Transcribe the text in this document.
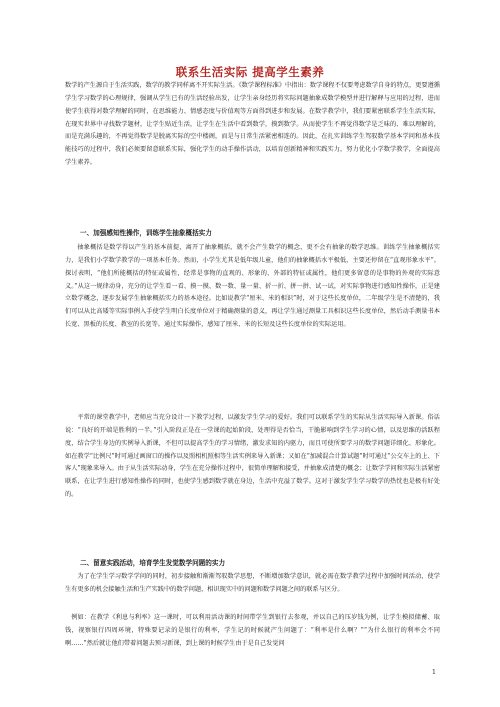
联系生活实际 提高学生素养

数学的产生源自于生活实践，数学的教学同样离不开实际生活。《数学课程标准》中指出：数学课程不仅要考虑数学自身的特点，更要遵循学生学习数学的心理规律，强调从学生已有的生活经验出发，让学生亲身经历将实际问题抽象成数学模型并进行解释与应用的过程，进而使学生获得对数学理解的同时，在思维能力、情感态度与价值观等方面得到进步和发展。在数学教学中，我们要紧密联系学生生活实际，在现实世界中寻找数学题材，让学生贴近生活，让学生在生活中看到数学，摸到数学。从而使学生不再觉得数学是乏味的、难以理解的，而是充满乐趣的，不再觉得数学是脱离实际的空中楼阁，而是与日常生活紧密相连的。因此，在扎实训练学生驾驭数学基本学问和基本技能技巧的过程中，我们必须要留意联系实际，强化学生的动手操作活动，以培育创新精神和实践实力，努力优化小学数学教学，全面提高学生素养。

一、加强感知性操作，训练学生抽象概括实力

抽象概括是数学得以产生的基本前提，离开了抽象概括，就不会产生数学的概念，更不会有抽象的数学思维。训练学生抽象概括实力，是我们小学数学教学的一项基本任务。然而，小学生尤其是低年级儿童，他们的抽象概括水平极低，主要还停留在“直观形象水平”。探讨表明，“他们所能概括的特征或属性，经常是事物的直观的、形象的、外部的特征或属性，他们更多留意的是事物的外观的实际意义。”从这一规律动身，充分的让学生看一看、摸一摸、数一数、量一量、折一折、拼一拼、试一试，对实际事物进行感知性操作，正是建立数学概念，逐步发展学生抽象概括实力的基本途径。比如说教学“厘米、米的相识”时，对于这些长度单位，二年级学生是不清楚的，我们可以从比高矮等实际事例入手使学生明白长度单位对于精确测量的意义，再让学生通过测量工具相识这些长度单位，然后动手测量书本长宽、黑板的长度、教室的长宽等。通过实际操作，感知了厘米、米的长短及这些长度单位的实际运用。

平常的课堂教学中，老师应当充分设计一下教学过程，以激发学生学习的爱好。我们可以联系学生的实际从生活实际导入新课。俗话说：“良好的开端是胜利的一半。”引入阶段正是在一堂课的起始阶段，处理得是否恰当，干脆影响到学生学习的心情，以及思维的活跃程度，结合学生身边的实例导入新课，不但可以提高学生的学习情绪，激发求知的内驱力，而且可使所要学习的数学问题详细化、形象化。如在教学“比例尺”时可通过画窗口的操作以及照相机照相等生活实例来导入新课；又如在“加减混合计算试题”时可通过“公交车上的上、下客人”现象来导入。由于从生活实际动身，学生在充分操作过程中，很简单理解和接受，并抽象成清楚的概念；让数学学问和实际生活紧密联系，在让学生进行感知性操作的同时，也使学生感到数学就在身边，生活中充溢了数学。这对于激发学生学习数学的热忱也是极有好处的。

二、留意实践活动，培育学生发觉数学问题的实力

为了在学生学习数学学问的同时，初步接触和渐渐驾驭数学思想，不断增加数学意识，就必需在数学教学过程中加强时间活动，使学生有更多的机会接触生活和生产实践中的数学问题，相识现实中的问题和数学问题之间的联系与区分。

例如：在教学《利息与利率》这一课时，可以利用活动课的时间带学生到银行去参观，并以自己的压岁钱为例，让学生模拟储蓄、取钱，视察银行四周环境，特殊要记录的是银行的利率，学生记的时候就产生问题了：“利率是什么啊？”“为什么银行的利率会不同啊……”然后就让他们带着问题去预习新课，到上课的时候学生由于是自己发觉问

1
